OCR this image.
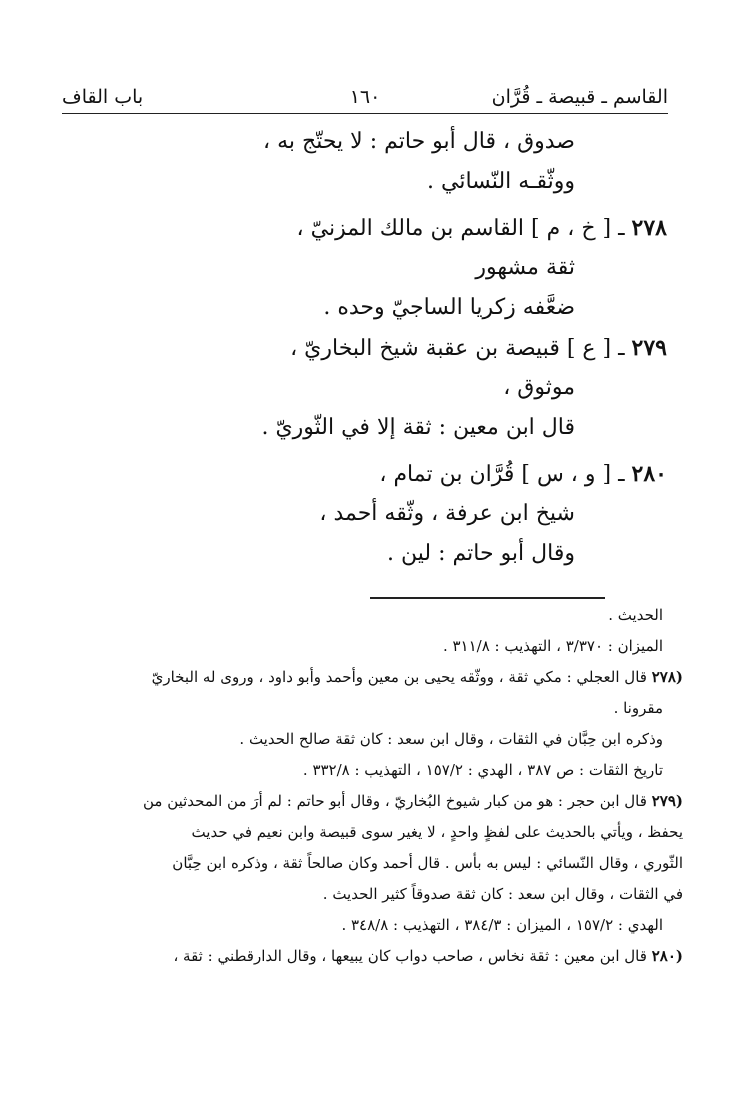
القاسم ـ قبيصة ـ قُرَّان
١٦٠
باب القاف
صدوق ، قال أبو حاتم : لا يحتّج به ،
ووثّقـه النّسائي .
٢٧٨ ـ [ خ ، م ] القاسم بن مالك المزنيّ ،
ثقة مشهور
ضعَّفه زكريا الساجيّ وحده .
٢٧٩ ـ [ ع ] قبيصة بن عقبة شيخ البخاريّ ،
موثوق ،
قال ابن معين : ثقة إلا في الثّوريّ .
٢٨٠ ـ [ و ، س ] قُرَّان بن تمام ،
شيخ ابن عرفة ، وثّقه أحمد ،
وقال أبو حاتم : لين .
الحديث .
الميزان : ٣/٣٧٠ ، التهذيب : ٣١١/٨ .
(٢٧٨ قال العجلي : مكي ثقة ، ووثّقه يحيى بن معين وأحمد وأبو داود ، وروى له البخاريّ
مقرونا .
وذكره ابن حِبَّان في الثقات ، وقال ابن سعد : كان ثقة صالح الحديث .
تاريخ الثقات : ص ٣٨٧ ، الهدي : ١٥٧/٢ ، التهذيب : ٣٣٢/٨ .
(٢٧٩ قال ابن حجر : هو من كبار شيوخ البُخاريّ ، وقال أبو حاتم : لم أرَ من المحدثين من
يحفظ ، ويأتي بالحديث على لفظٍ واحدٍ ، لا يغير سوى قبيصة وابن نعيم في حديث
الثّوري ، وقال النّسائي : ليس به بأس . قال أحمد وكان صالحاً ثقة ، وذكره ابن حِبَّان
في الثقات ، وقال ابن سعد : كان ثقة صدوقاً كثير الحديث .
الهدي : ١٥٧/٢ ، الميزان : ٣٨٤/٣ ، التهذيب : ٣٤٨/٨ .
(٢٨٠ قال ابن معين : ثقة نخاس ، صاحب دواب كان يبيعها ، وقال الدارقطني : ثقة ،
